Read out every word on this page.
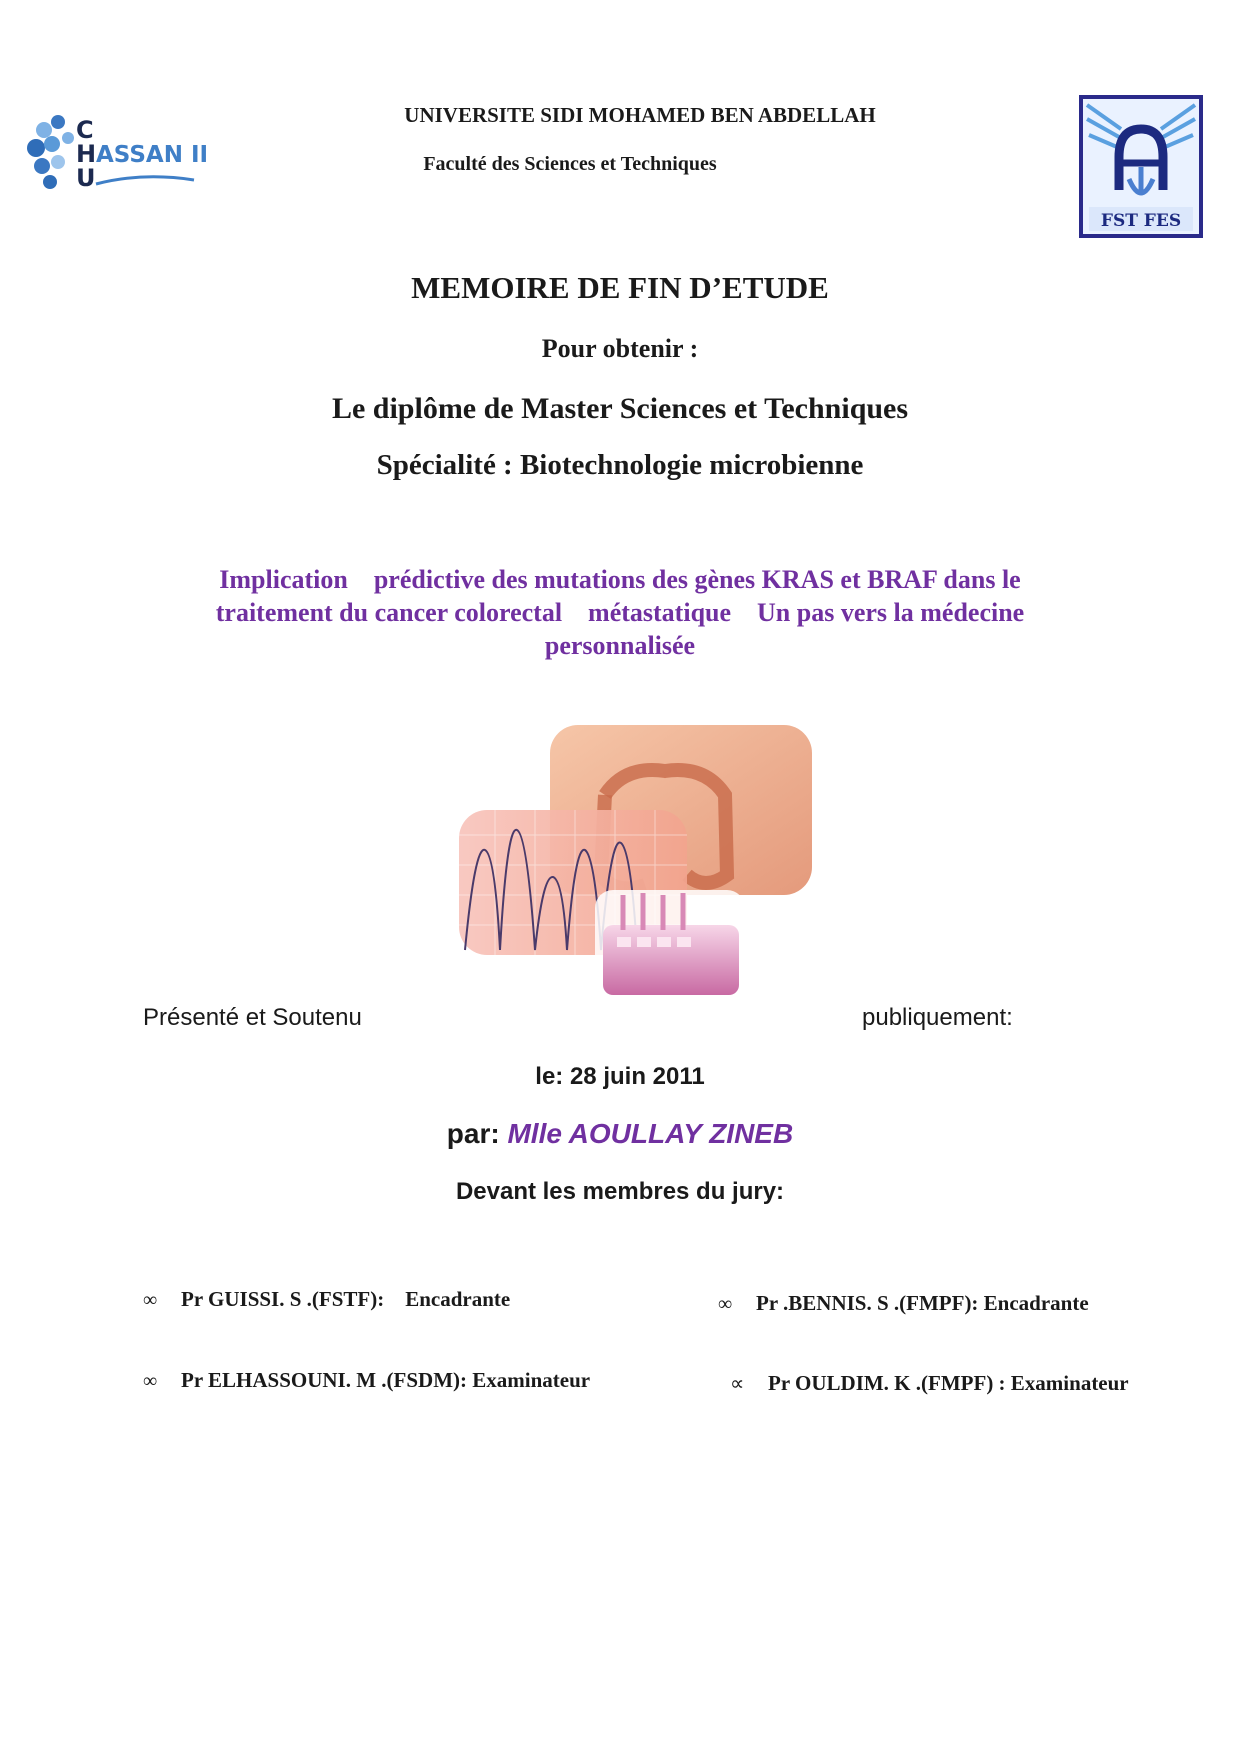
C
H
U
ASSAN II
FST FES
UNIVERSITE SIDI MOHAMED BEN ABDELLAH
Faculté des Sciences et Techniques
MEMOIRE DE FIN D’ETUDE
Pour obtenir :
Le diplôme de Master Sciences et Techniques
Spécialité : Biotechnologie microbienne
Implication    prédictive des mutations des gènes KRAS et BRAF dans le
traitement du cancer colorectal    métastatique    Un pas vers la médecine
personnalisée
Présenté et Soutenu	publiquement:
le: 28 juin 2011
par: Mlle AOULLAY ZINEB
Devant les membres du jury:
∞ Pr GUISSI. S .(FSTF):    Encadrante	∞ Pr .BENNIS. S .(FMPF): Encadrante
∞ Pr ELHASSOUNI. M .(FSDM): Examinateur	∝ Pr OULDIM. K .(FMPF) : Examinateur
